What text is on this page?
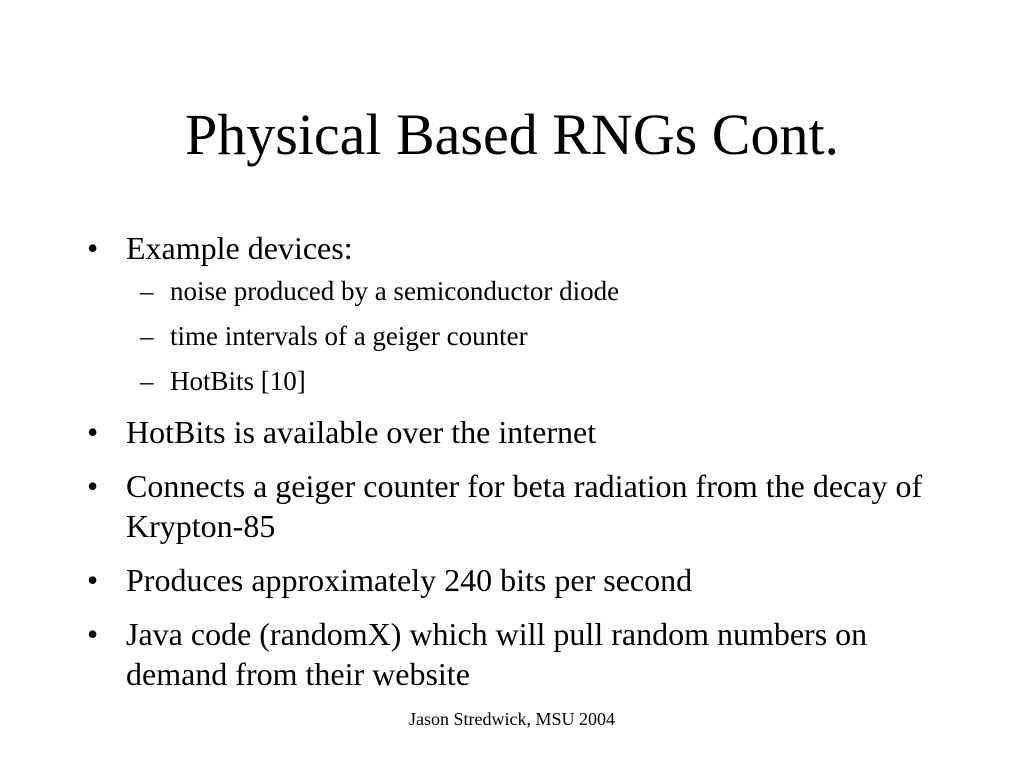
Physical Based RNGs Cont.
• Example devices:
– noise produced by a semiconductor diode
– time intervals of a geiger counter
– HotBits [10]
• HotBits is available over the internet
• Connects a geiger counter for beta radiation from the decay of Krypton-85
• Produces approximately 240 bits per second
• Java code (randomX) which will pull random numbers on demand from their website
Jason Stredwick, MSU 2004
